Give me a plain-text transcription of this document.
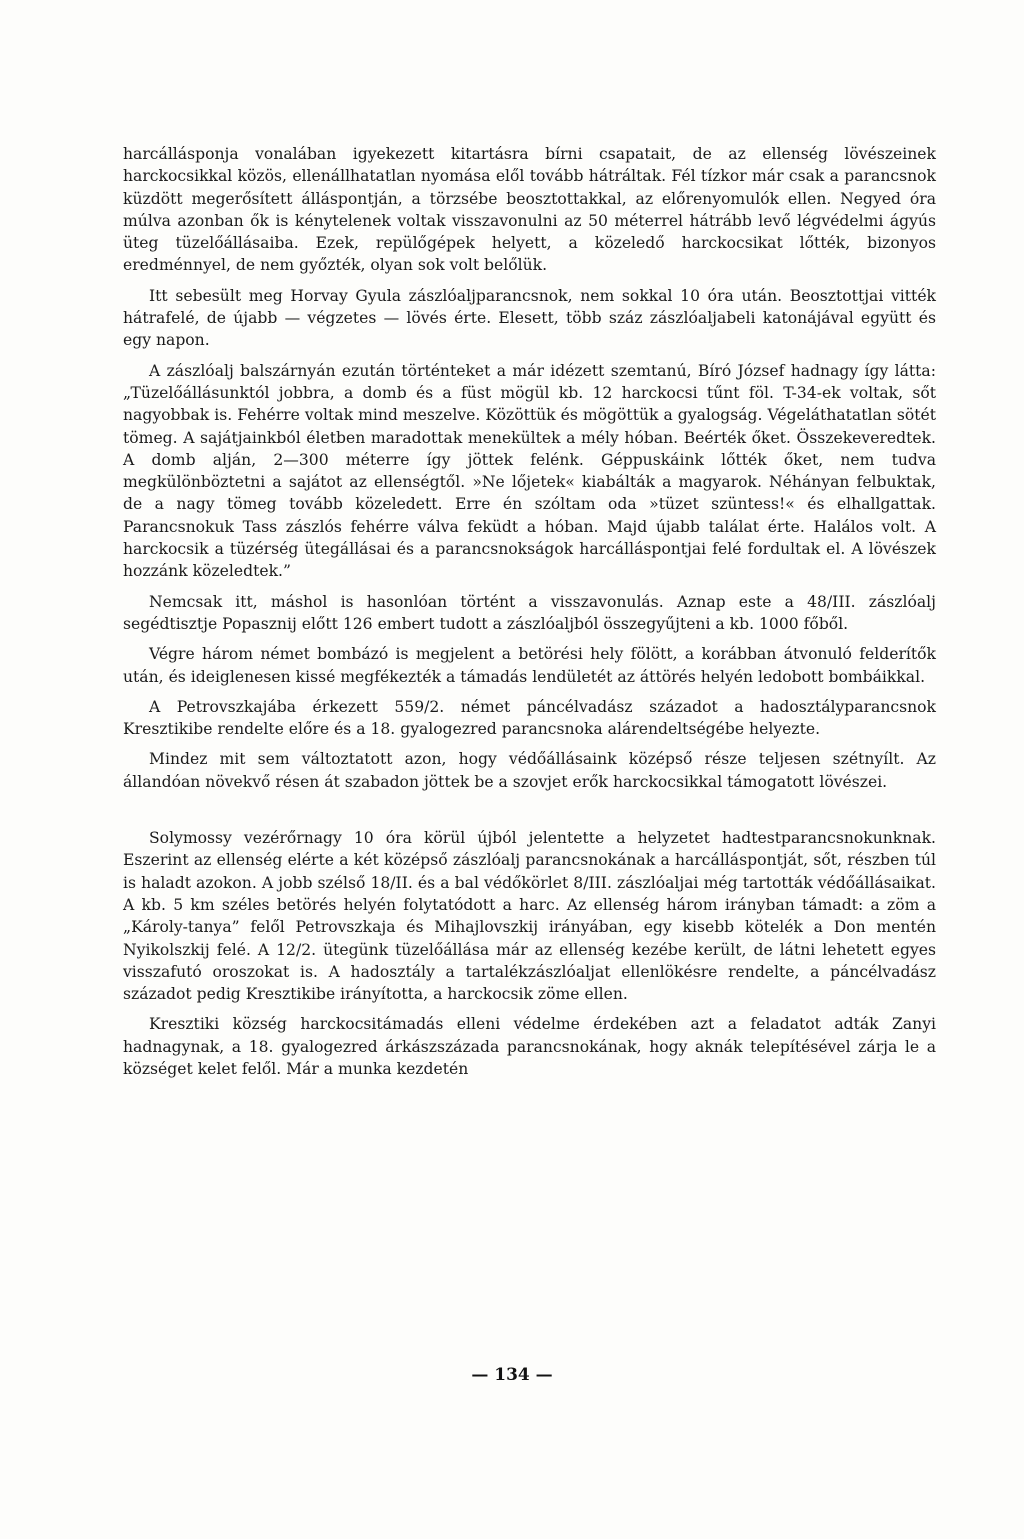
harcállásponja vonalában igyekezett kitartásra bírni csapatait, de az ellenség lövészeinek harckocsikkal közös, ellenállhatatlan nyomása elől tovább hátráltak. Fél tízkor már csak a parancsnok küzdött megerősített álláspontján, a törzsébe beosztottakkal, az előrenyomulók ellen. Negyed óra múlva azonban ők is kénytelenek voltak visszavonulni az 50 méterrel hátrább levő légvédelmi ágyús üteg tüzelőállásaiba. Ezek, repülőgépek helyett, a közeledő harckocsikat lőtték, bizonyos eredménnyel, de nem győzték, olyan sok volt belőlük.

Itt sebesült meg Horvay Gyula zászlóaljparancsnok, nem sokkal 10 óra után. Beosztottjai vitték hátrafelé, de újabb — végzetes — lövés érte. Elesett, több száz zászlóaljabeli katonájával együtt és egy napon.

A zászlóalj balszárnyán ezután történteket a már idézett szemtanú, Bíró József hadnagy így látta: „Tüzelőállásunktól jobbra, a domb és a füst mögül kb. 12 harckocsi tűnt föl. T-34-ek voltak, sőt nagyobbak is. Fehérre voltak mind meszelve. Közöttük és mögöttük a gyalogság. Végeláthatatlan sötét tömeg. A sajátjainkból életben maradottak menekültek a mély hóban. Beérték őket. Összekeveredtek. A domb alján, 2—300 méterre így jöttek felénk. Géppuskáink lőtték őket, nem tudva megkülönböztetni a sajátot az ellenségtől. »Ne lőjetek« kiabálták a magyarok. Néhányan felbuktak, de a nagy tömeg tovább közeledett. Erre én szóltam oda »tüzet szüntess!« és elhallgattak. Parancsnokuk Tass zászlós fehérre válva feküdt a hóban. Majd újabb találat érte. Halálos volt. A harckocsik a tüzérség ütegállásai és a parancsnokságok harcálláspontjai felé fordultak el. A lövészek hozzánk közeledtek.”

Nemcsak itt, máshol is hasonlóan történt a visszavonulás. Aznap este a 48/III. zászlóalj segédtisztje Popasznij előtt 126 embert tudott a zászlóaljból összegyűjteni a kb. 1000 főből.

Végre három német bombázó is megjelent a betörési hely fölött, a korábban átvonuló felderítők után, és ideiglenesen kissé megfékezték a támadás lendületét az áttörés helyén ledobott bombáikkal.

A Petrovszkajába érkezett 559/2. német páncélvadász századot a hadosztályparancsnok Kresztikibe rendelte előre és a 18. gyalogezred parancsnoka alárendeltségébe helyezte.

Mindez mit sem változtatott azon, hogy védőállásaink középső része teljesen szétnyílt. Az állandóan növekvő résen át szabadon jöttek be a szovjet erők harckocsikkal támogatott lövészei.

Solymossy vezérőrnagy 10 óra körül újból jelentette a helyzetet hadtestparancsnokunknak. Eszerint az ellenség elérte a két középső zászlóalj parancsnokának a harcálláspontját, sőt, részben túl is haladt azokon. A jobb szélső 18/II. és a bal védőkörlet 8/III. zászlóaljai még tartották védőállásaikat. A kb. 5 km széles betörés helyén folytatódott a harc. Az ellenség három irányban támadt: a zöm a „Károly-tanya” felől Petrovszkaja és Mihajlovszkij irányában, egy kisebb kötelék a Don mentén Nyikolszkij felé. A 12/2. ütegünk tüzelőállása már az ellenség kezébe került, de látni lehetett egyes visszafutó oroszokat is. A hadosztály a tartalékzászlóaljat ellenlökésre rendelte, a páncélvadász századot pedig Kresztikibe irányította, a harckocsik zöme ellen.

Kresztiki község harckocsitámadás elleni védelme érdekében azt a feladatot adták Zanyi hadnagynak, a 18. gyalogezred árkászszázada parancsnokának, hogy aknák telepítésével zárja le a községet kelet felől. Már a munka kezdetén

— 134 —
